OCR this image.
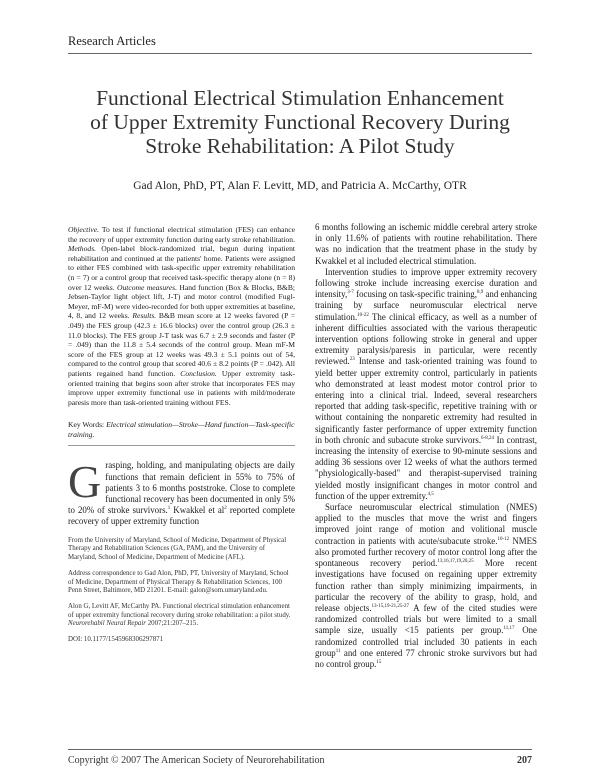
Research Articles
Functional Electrical Stimulation Enhancement
of Upper Extremity Functional Recovery During
Stroke Rehabilitation: A Pilot Study
Gad Alon, PhD, PT, Alan F. Levitt, MD, and Patricia A. McCarthy, OTR

Objective. To test if functional electrical stimulation (FES) can enhance the recovery of upper extremity function during early stroke rehabilitation. Methods. Open-label block-randomized trial, begun during inpatient rehabilitation and continued at the patients' home. Patients were assigned to either FES combined with task-specific upper extremity rehabilitation (n = 7) or a control group that received task-specific therapy alone (n = 8) over 12 weeks. Outcome measures. Hand function (Box & Blocks, B&B; Jebsen-Taylor light object lift, J-T) and motor control (modified Fugl-Meyer, mF-M) were video-recorded for both upper extremities at baseline, 4, 8, and 12 weeks. Results. B&B mean score at 12 weeks favored (P = .049) the FES group (42.3 ± 16.6 blocks) over the control group (26.3 ± 11.0 blocks). The FES group J-T task was 6.7 ± 2.9 seconds and faster (P = .049) than the 11.8 ± 5.4 seconds of the control group. Mean mF-M score of the FES group at 12 weeks was 49.3 ± 5.1 points out of 54, compared to the control group that scored 40.6 ± 8.2 points (P = .042). All patients regained hand function. Conclusion. Upper extremity task-oriented training that begins soon after stroke that incorporates FES may improve upper extremity functional use in patients with mild/moderate paresis more than task-oriented training without FES.

Key Words: Electrical stimulation—Stroke—Hand function—Task-specific training.
Grasping, holding, and manipulating objects are daily functions that remain deficient in 55% to 75% of patients 3 to 6 months poststroke. Close to complete functional recovery has been documented in only 5% to 20% of stroke survivors.$^1$ Kwakkel et $al^2$ reported complete recovery of upper extremity function

From the University of Maryland, School of Medicine, Department of Physical Therapy and Rehabilitation Sciences (GA, PAM), and the University of Maryland, School of Medicine, Department of Medicine (AFL).

Address correspondence to Gad Alon, PhD, PT, University of Maryland, School of Medicine, Department of Physical Therapy & Rehabilitation Sciences, 100 Penn Street, Baltimore, MD 21201. E-mail: galon@som.umaryland.edu.

Alon G, Levitt AF, McCarthy PA. Functional electrical stimulation enhancement of upper extremity functional recovery during stroke rehabilitation: a pilot study. Neurorehabil Neural Repair 2007;21:207–215.

DOI: 10.1177/1545968306297871

6 months following an ischemic middle cerebral artery stroke in only 11.6% of patients with routine rehabilitation. There was no indication that the treatment phase in the study by Kwakkel et al included electrical stimulation.

Intervention studies to improve upper extremity recovery following stroke include increasing exercise duration and intensity,$^{3-7}$ focusing on task-specific training,$^{8,9}$ and enhancing training by surface neuromuscular electrical nerve stimulation.$^{10-22}$ The clinical efficacy, as well as a number of inherent difficulties associated with the various therapeutic intervention options following stroke in general and upper extremity paralysis/paresis in particular, were recently reviewed.$^{23}$ Intense and task-oriented training was found to yield better upper extremity control, particularly in patients who demonstrated at least modest motor control prior to entering into a clinical trial. Indeed, several researchers reported that adding task-specific, repetitive training with or without containing the nonparetic extremity had resulted in significantly faster performance of upper extremity function in both chronic and subacute stroke survivors.$^{6-8,24}$ In contrast, increasing the intensity of exercise to 90-minute sessions and adding 36 sessions over 12 weeks of what the authors termed "physiologically-based" and therapist-supervised training yielded mostly insignificant changes in motor control and function of the upper extremity.$^{4,5}$

Surface neuromuscular electrical stimulation (NMES) applied to the muscles that move the wrist and fingers improved joint range of motion and volitional muscle contraction in patients with acute/subacute stroke.$^{10-12}$ NMES also promoted further recovery of motor control long after the spontaneous recovery period.$^{13,16,17,19,20,25}$ More recent investigations have focused on regaining upper extremity function rather than simply minimizing impairments, in particular the recovery of the ability to grasp, hold, and release objects.$^{13-15,19-21,25-27}$ A few of the cited studies were randomized controlled trials but were limited to a small sample size, usually <15 patients per group.$^{11,17}$ One randomized controlled trial included 30 patients in each group$^{11}$ and one entered 77 chronic stroke survivors but had no control group.$^{15}$

Copyright © 2007 The American Society of Neurorehabilitation	207
